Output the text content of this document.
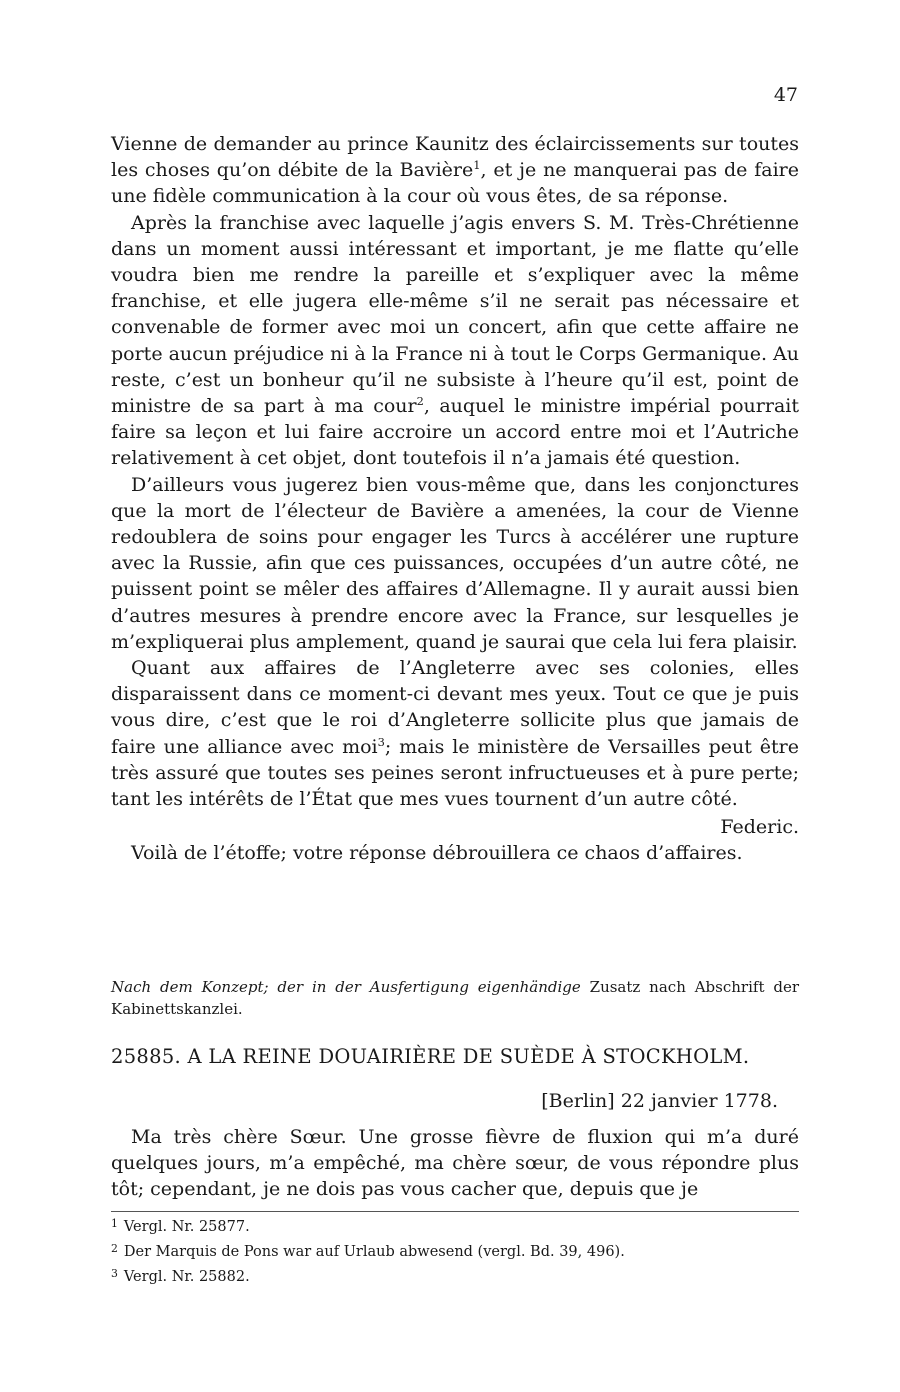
47

Vienne de demander au prince Kaunitz des éclaircissements sur toutes les choses qu’on débite de la Bavière$^1$, et je ne manquerai pas de faire une fidèle communication à la cour où vous êtes, de sa réponse.

Après la franchise avec laquelle j’agis envers S. M. Très-Chrétienne dans un moment aussi intéressant et important, je me flatte qu’elle voudra bien me rendre la pareille et s’expliquer avec la même franchise, et elle jugera elle-même s’il ne serait pas nécessaire et convenable de former avec moi un concert, afin que cette affaire ne porte aucun préjudice ni à la France ni à tout le Corps Germanique. Au reste, c’est un bonheur qu’il ne subsiste à l’heure qu’il est, point de ministre de sa part à ma cour$^2$, auquel le ministre impérial pourrait faire sa leçon et lui faire accroire un accord entre moi et l’Autriche relativement à cet objet, dont toutefois il n’a jamais été question.

D’ailleurs vous jugerez bien vous-même que, dans les conjonctures que la mort de l’électeur de Bavière a amenées, la cour de Vienne redoublera de soins pour engager les Turcs à accélérer une rupture avec la Russie, afin que ces puissances, occupées d’un autre côté, ne puissent point se mêler des affaires d’Allemagne. Il y aurait aussi bien d’autres mesures à prendre encore avec la France, sur lesquelles je m’expliquerai plus amplement, quand je saurai que cela lui fera plaisir.

Quant aux affaires de l’Angleterre avec ses colonies, elles disparaissent dans ce moment-ci devant mes yeux. Tout ce que je puis vous dire, c’est que le roi d’Angleterre sollicite plus que jamais de faire une alliance avec moi$^3$; mais le ministère de Versailles peut être très assuré que toutes ses peines seront infructueuses et à pure perte; tant les intérêts de l’État que mes vues tournent d’un autre côté.

Federic.

Voilà de l’étoffe; votre réponse débrouillera ce chaos d’affaires.

Nach dem Konzept; der in der Ausfertigung eigenhändige Zusatz nach Abschrift der Kabinettskanzlei.
25885. A LA REINE DOUAIRIÈRE DE SUÈDE À STOCKHOLM.
[Berlin] 22 janvier 1778.

Ma très chère Sœur. Une grosse fièvre de fluxion qui m’a duré quelques jours, m’a empêché, ma chère sœur, de vous répondre plus tôt; cependant, je ne dois pas vous cacher que, depuis que je

$^1$ Vergl. Nr. 25877.
$^2$ Der Marquis de Pons war auf Urlaub abwesend (vergl. Bd. 39, 496).
$^3$ Vergl. Nr. 25882.
